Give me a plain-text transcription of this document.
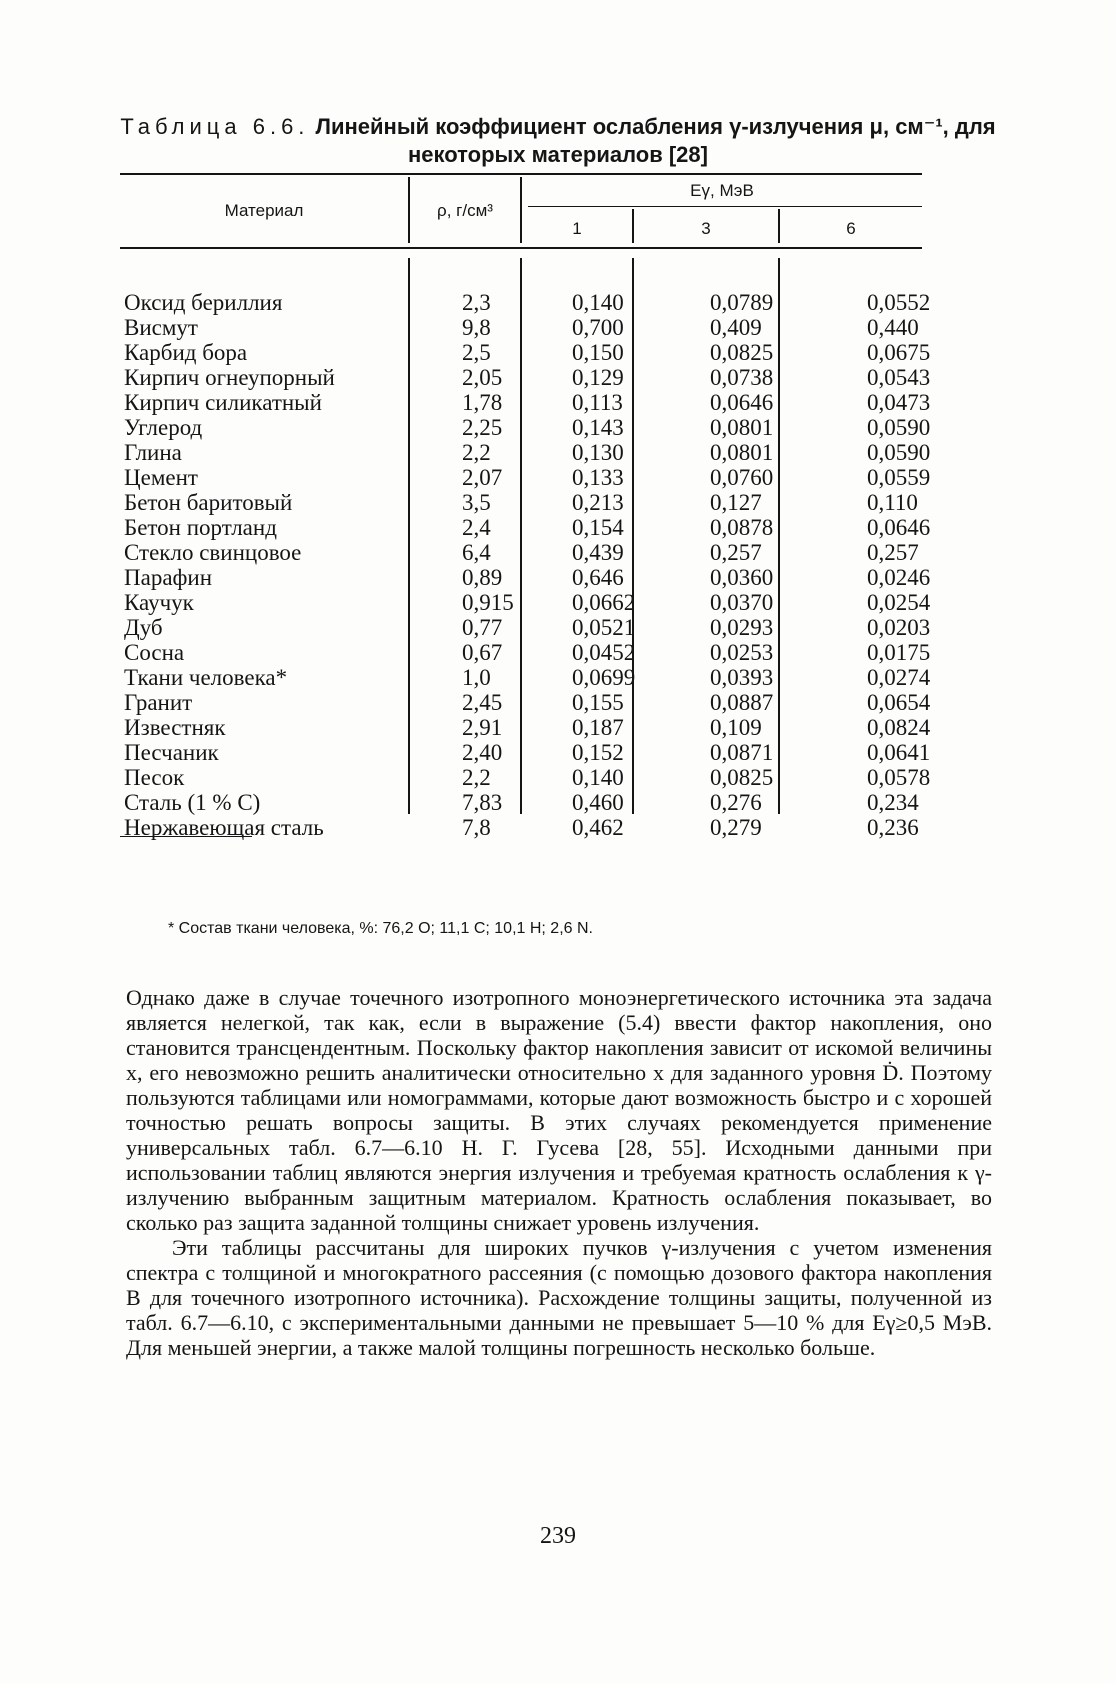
Таблица 6.6. Линейный коэффициент ослабления γ-излучения μ, см⁻¹, для некоторых материалов [28]
Материал	ρ, г/см³
Eγ, МэВ
1	3	6
Оксид бериллия	2,3	0,140	0,0789	0,0552
Висмут	9,8	0,700	0,409	0,440
Карбид бора	2,5	0,150	0,0825	0,0675
Кирпич огнеупорный	2,05	0,129	0,0738	0,0543
Кирпич силикатный	1,78	0,113	0,0646	0,0473
Углерод	2,25	0,143	0,0801	0,0590
Глина	2,2	0,130	0,0801	0,0590
Цемент	2,07	0,133	0,0760	0,0559
Бетон баритовый	3,5	0,213	0,127	0,110
Бетон портланд	2,4	0,154	0,0878	0,0646
Стекло свинцовое	6,4	0,439	0,257	0,257
Парафин	0,89	0,646	0,0360	0,0246
Каучук	0,915	0,0662	0,0370	0,0254
Дуб	0,77	0,0521	0,0293	0,0203
Сосна	0,67	0,0452	0,0253	0,0175
Ткани человека*	1,0	0,0699	0,0393	0,0274
Гранит	2,45	0,155	0,0887	0,0654
Известняк	2,91	0,187	0,109	0,0824
Песчаник	2,40	0,152	0,0871	0,0641
Песок	2,2	0,140	0,0825	0,0578
Сталь (1 % С)	7,83	0,460	0,276	0,234
Нержавеющая сталь	7,8	0,462	0,279	0,236
* Состав ткани человека, %: 76,2 O; 11,1 C; 10,1 H; 2,6 N.

Однако даже в случае точечного изотропного моноэнергетического источника эта задача является нелегкой, так как, если в выражение (5.4) ввести фактор накопления, оно становится трансцендентным. Поскольку фактор накопления зависит от искомой величины x, его невозможно решить аналитически относительно x для заданного уровня Ḋ. Поэтому пользуются таблицами или номограммами, которые дают возможность быстро и с хорошей точностью решать вопросы защиты. В этих случаях рекомендуется применение универсальных табл. 6.7—6.10 Н. Г. Гусева [28, 55]. Исходными данными при использовании таблиц являются энергия излучения и требуемая кратность ослабления к γ-излучению выбранным защитным материалом. Кратность ослабления показывает, во сколько раз защита заданной толщины снижает уровень излучения.

Эти таблицы рассчитаны для широких пучков γ-излучения с учетом изменения спектра с толщиной и многократного рассеяния (с помощью дозового фактора накопления B для точечного изотропного источника). Расхождение толщины защиты, полученной из табл. 6.7—6.10, с экспериментальными данными не превышает 5—10 % для Eγ≥0,5 МэВ. Для меньшей энергии, а также малой толщины погрешность несколько больше.

239
